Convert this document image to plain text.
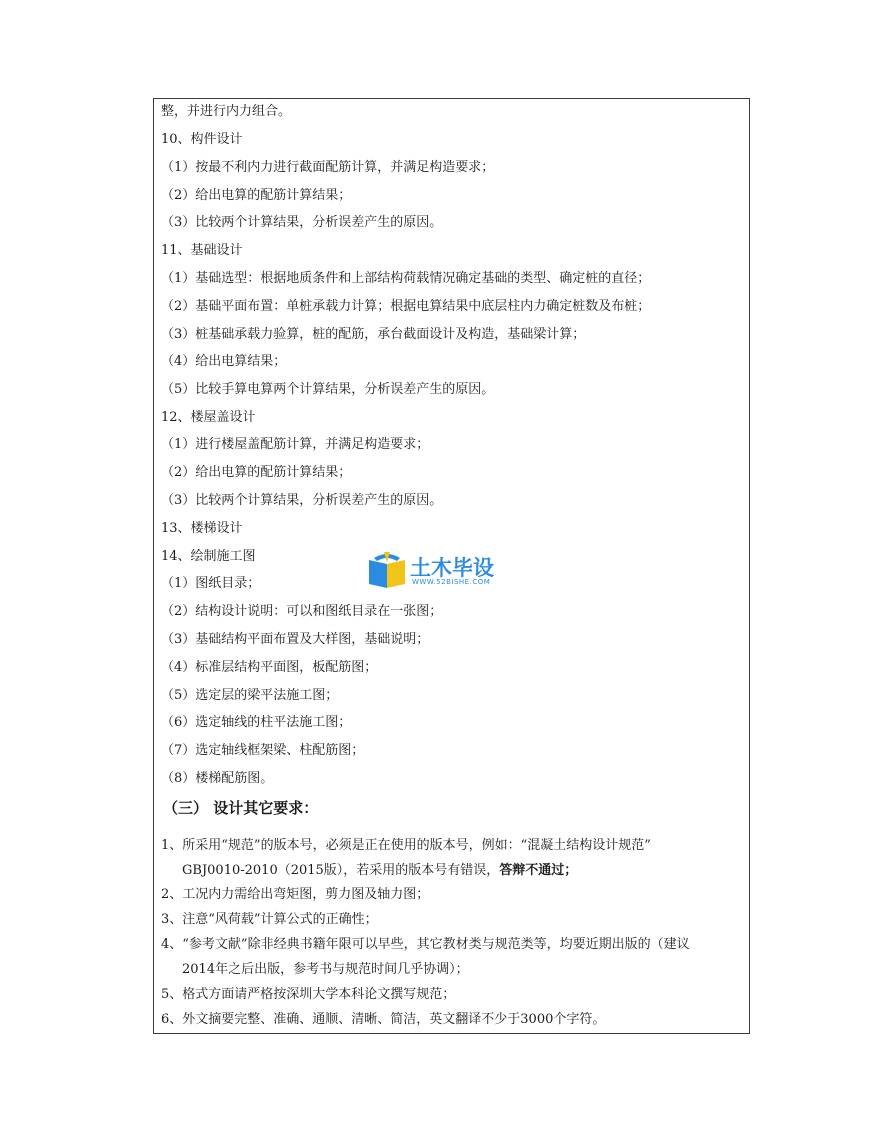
整，并进行内力组合。
10、构件设计
（1）按最不利内力进行截面配筋计算，并满足构造要求；
（2）给出电算的配筋计算结果；
（3）比较两个计算结果，分析误差产生的原因。
11、基础设计
（1）基础选型：根据地质条件和上部结构荷载情况确定基础的类型、确定桩的直径；
（2）基础平面布置：单桩承载力计算；根据电算结果中底层柱内力确定桩数及布桩；
（3）桩基础承载力验算，桩的配筋，承台截面设计及构造，基础梁计算；
（4）给出电算结果；
（5）比较手算电算两个计算结果，分析误差产生的原因。
12、楼屋盖设计
（1）进行楼屋盖配筋计算，并满足构造要求；
（2）给出电算的配筋计算结果；
（3）比较两个计算结果，分析误差产生的原因。
13、楼梯设计
14、绘制施工图
（1）图纸目录；
（2）结构设计说明：可以和图纸目录在一张图；
（3）基础结构平面布置及大样图，基础说明；
（4）标准层结构平面图，板配筋图；
（5）选定层的梁平法施工图；
（6）选定轴线的柱平法施工图；
（7）选定轴线框架梁、柱配筋图；
（8）楼梯配筋图。
（三） 设计其它要求：
1、所采用“规范”的版本号，必须是正在使用的版本号，例如：“混凝土结构设计规范”
GBJ0010-2010（2015版），若采用的版本号有错误，答辩不通过；
2、工况内力需给出弯矩图，剪力图及轴力图；
3、注意“风荷载”计算公式的正确性；
4、“参考文献”除非经典书籍年限可以早些，其它教材类与规范类等，均要近期出版的（建议
2014年之后出版，参考书与规范时间几乎协调）；
5、格式方面请严格按深圳大学本科论文撰写规范；
6、外文摘要完整、准确、通顺、清晰、简洁，英文翻译不少于3000个字符。
土木毕设
WWW.52BISHE.COM
